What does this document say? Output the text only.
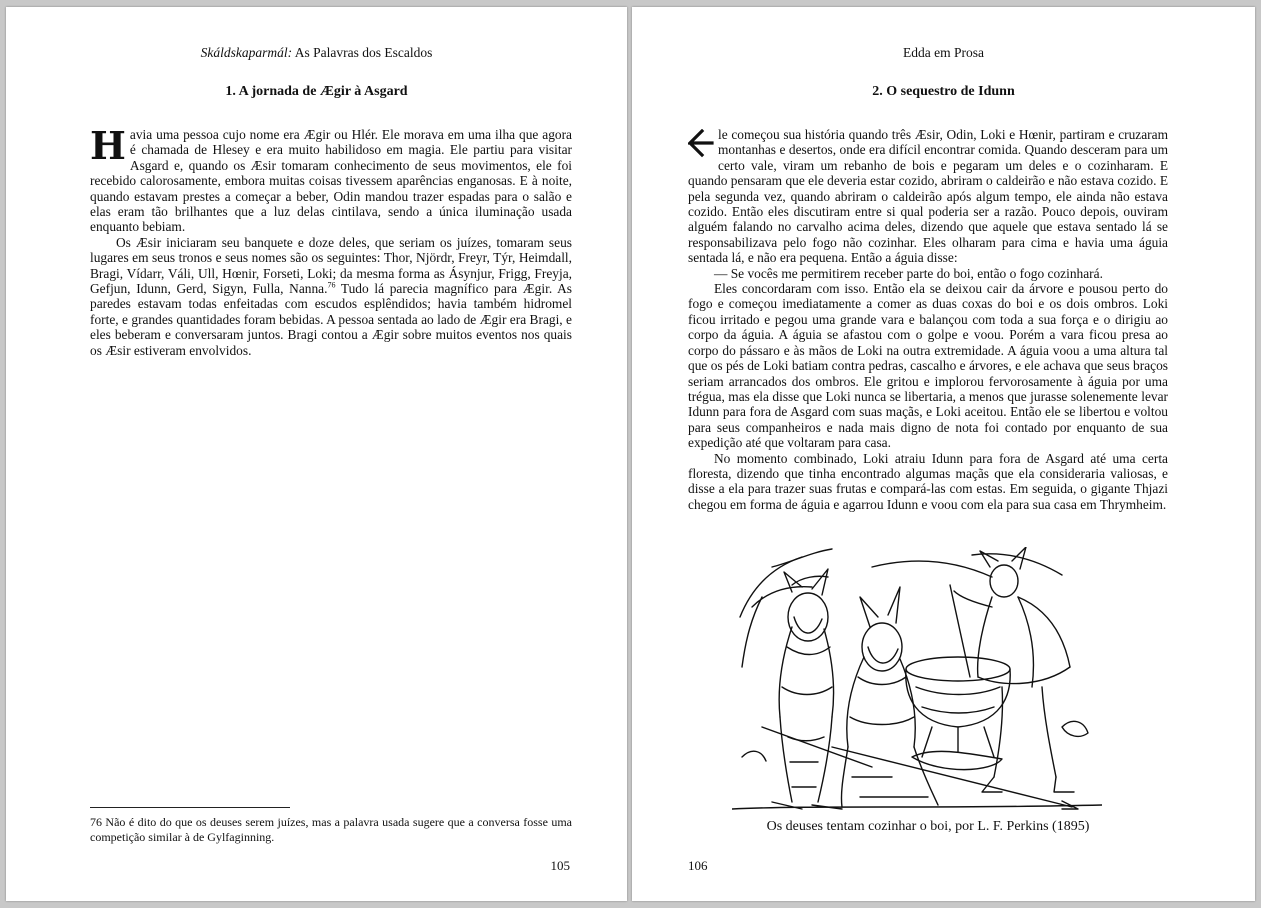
Skáldskaparmál: As Palavras dos Escaldos
1. A jornada de Ægir à Asgard

Havia uma pessoa cujo nome era Ægir ou Hlér. Ele morava em uma ilha que agora é chamada de Hlesey e era muito habilidoso em magia. Ele partiu para visitar Asgard e, quando os Æsir tomaram conhecimento de seus movimentos, ele foi recebido calorosamente, embora muitas coisas tivessem aparências enganosas. E à noite, quando estavam prestes a começar a beber, Odin mandou trazer espadas para o salão e elas eram tão brilhantes que a luz delas cintilava, sendo a única iluminação usada enquanto bebiam.

Os Æsir iniciaram seu banquete e doze deles, que seriam os juízes, tomaram seus lugares em seus tronos e seus nomes são os seguintes: Thor, Njördr, Freyr, Týr, Heimdall, Bragi, Vídarr, Váli, Ull, Hœnir, Forseti, Loki; da mesma forma as Ásynjur, Frigg, Freyja, Gefjun, Idunn, Gerd, Sigyn, Fulla, Nanna.$^{76}$ Tudo lá parecia magnífico para Ægir. As paredes estavam todas enfeitadas com escudos esplêndidos; havia também hidromel forte, e grandes quantidades foram bebidas. A pessoa sentada ao lado de Ægir era Bragi, e eles beberam e conversaram juntos. Bragi contou a Ægir sobre muitos eventos nos quais os Æsir estiveram envolvidos.

76 Não é dito do que os deuses serem juízes, mas a palavra usada sugere que a conversa fosse uma competição similar à de Gylfaginning.
105
Edda em Prosa
2. O sequestro de Idunn

le começou sua história quando três Æsir, Odin, Loki e Hœnir, partiram e cruzaram montanhas e desertos, onde era difícil encontrar comida. Quando desceram para um certo vale, viram um rebanho de bois e pegaram um deles e o cozinharam. E quando pensaram que ele deveria estar cozido, abriram o caldeirão e não estava cozido. E pela segunda vez, quando abriram o caldeirão após algum tempo, ele ainda não estava cozido. Então eles discutiram entre si qual poderia ser a razão. Pouco depois, ouviram alguém falando no carvalho acima deles, dizendo que aquele que estava sentado lá se responsabilizava pelo fogo não cozinhar. Eles olharam para cima e havia uma águia sentada lá, e não era pequena. Então a águia disse:

— Se vocês me permitirem receber parte do boi, então o fogo cozinhará.

Eles concordaram com isso. Então ela se deixou cair da árvore e pousou perto do fogo e começou imediatamente a comer as duas coxas do boi e os dois ombros. Loki ficou irritado e pegou uma grande vara e balançou com toda a sua força e o dirigiu ao corpo da águia. A águia se afastou com o golpe e voou. Porém a vara ficou presa ao corpo do pássaro e às mãos de Loki na outra extremidade. A águia voou a uma altura tal que os pés de Loki batiam contra pedras, cascalho e árvores, e ele achava que seus braços seriam arrancados dos ombros. Ele gritou e implorou fervorosamente à águia por uma trégua, mas ela disse que Loki nunca se libertaria, a menos que jurasse solenemente levar Idunn para fora de Asgard com suas maçãs, e Loki aceitou. Então ele se libertou e voltou para seus companheiros e nada mais digno de nota foi contado por enquanto de sua expedição até que voltaram para casa.

No momento combinado, Loki atraiu Idunn para fora de Asgard até uma certa floresta, dizendo que tinha encontrado algumas maçãs que ela consideraria valiosas, e disse a ela para trazer suas frutas e compará-las com estas. Em seguida, o gigante Thjazi chegou em forma de águia e agarrou Idunn e voou com ela para sua casa em Thrymheim.

Os deuses tentam cozinhar o boi, por L. F. Perkins (1895)
106
